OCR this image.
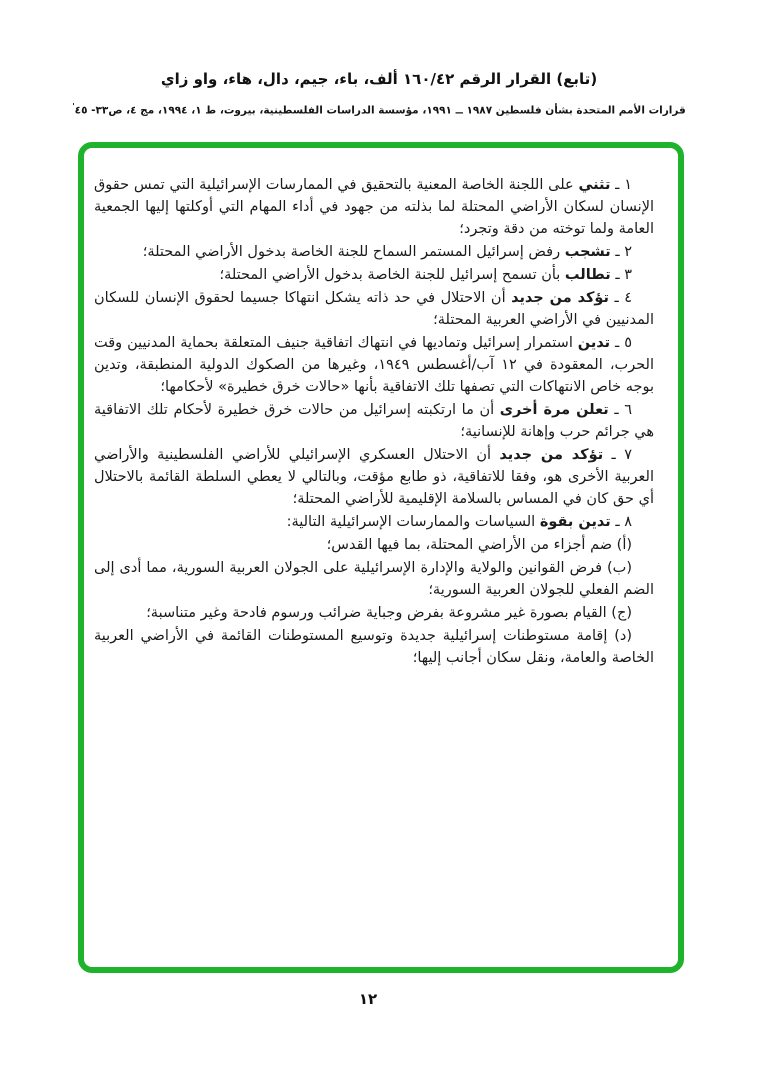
(تابع) القرار الرقم ١٦٠/٤٢ ألف، باء، جيم، دال، هاء، واو زاي
قرارات الأمم المتحدة بشأن فلسطين ١٩٨٧ ــ ١٩٩١، مؤسسة الدراسات الفلسطينية، بيروت، ط ١، ١٩٩٤، مج ٤، ص٣٣- ٤٥'

١ ـ تثني على اللجنة الخاصة المعنية بالتحقيق في الممارسات الإسرائيلية التي تمس حقوق الإنسان لسكان الأراضي المحتلة لما بذلته من جهود في أداء المهام التي أوكلتها إليها الجمعية العامة ولما توخته من دقة وتجرد؛

٢ ـ تشجب رفض إسرائيل المستمر السماح للجنة الخاصة بدخول الأراضي المحتلة؛

٣ ـ تطالب بأن تسمح إسرائيل للجنة الخاصة بدخول الأراضي المحتلة؛

٤ ـ تؤكد من جديد أن الاحتلال في حد ذاته يشكل انتهاكا جسيما لحقوق الإنسان للسكان المدنيين في الأراضي العربية المحتلة؛

٥ ـ تدين استمرار إسرائيل وتماديها في انتهاك اتفاقية جنيف المتعلقة بحماية المدنيين وقت الحرب، المعقودة في ١٢ آب/أغسطس ١٩٤٩، وغيرها من الصكوك الدولية المنطبقة، وتدين بوجه خاص الانتهاكات التي تصفها تلك الاتفاقية بأنها «حالات خرق خطيرة» لأحكامها؛

٦ ـ تعلن مرة أخرى أن ما ارتكبته إسرائيل من حالات خرق خطيرة لأحكام تلك الاتفاقية هي جرائم حرب وإهانة للإنسانية؛

٧ ـ تؤكد من جديد أن الاحتلال العسكري الإسرائيلي للأراضي الفلسطينية والأراضي العربية الأخرى هو، وفقا للاتفاقية، ذو طابع مؤقت، وبالتالي لا يعطي السلطة القائمة بالاحتلال أي حق كان في المساس بالسلامة الإقليمية للأراضي المحتلة؛

٨ ـ تدين بقوة السياسات والممارسات الإسرائيلية التالية:

(أ) ضم أجزاء من الأراضي المحتلة، بما فيها القدس؛

(ب) فرض القوانين والولاية والإدارة الإسرائيلية على الجولان العربية السورية، مما أدى إلى الضم الفعلي للجولان العربية السورية؛

(ج) القيام بصورة غير مشروعة بفرض وجباية ضرائب ورسوم فادحة وغير متناسبة؛

(د) إقامة مستوطنات إسرائيلية جديدة وتوسيع المستوطنات القائمة في الأراضي العربية الخاصة والعامة، ونقل سكان أجانب إليها؛

١٢
